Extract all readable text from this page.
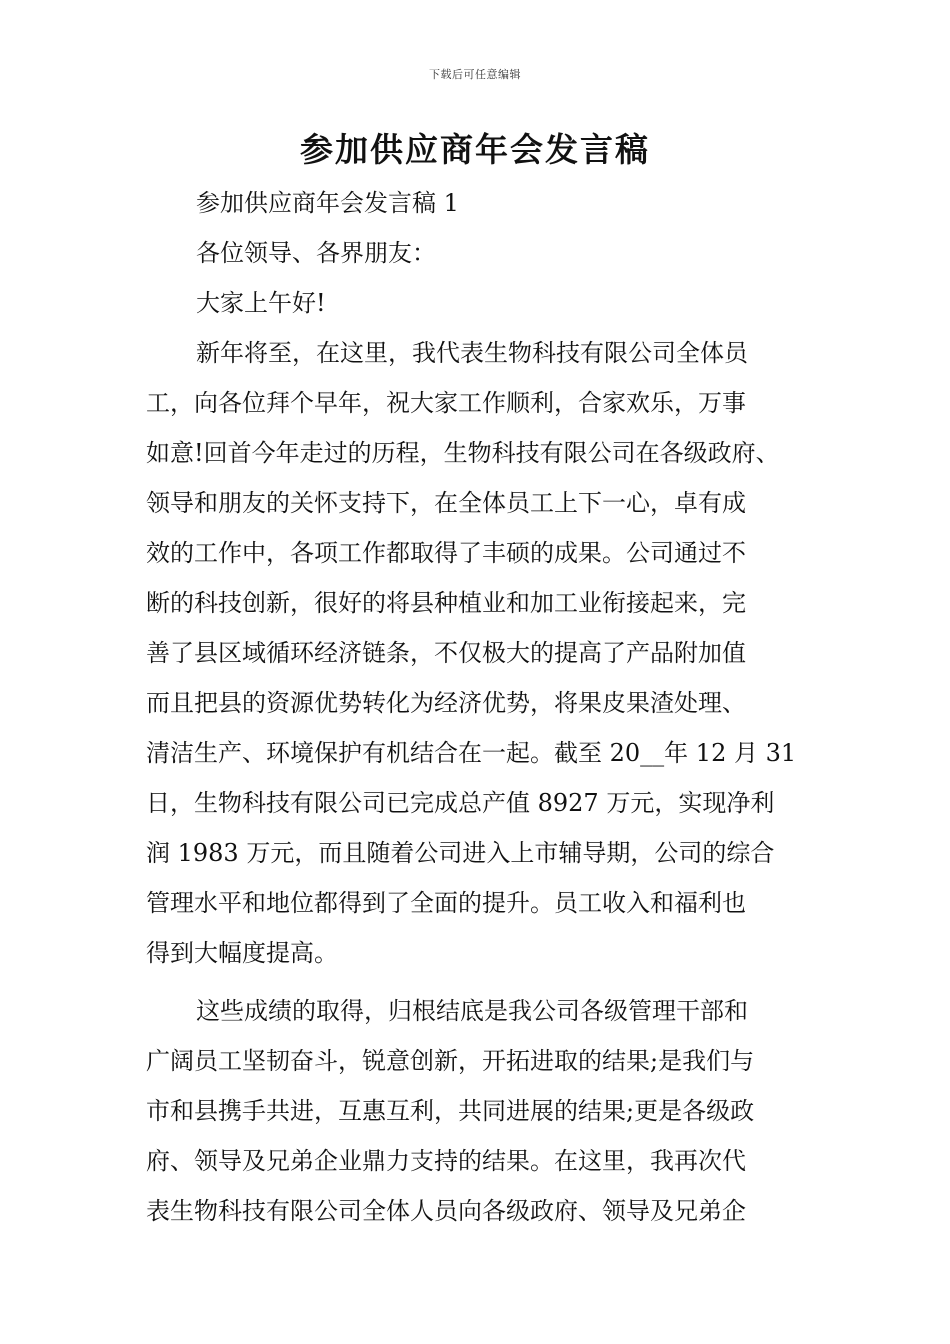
下载后可任意编辑
参加供应商年会发言稿
参加供应商年会发言稿 1
各位领导、各界朋友：
大家上午好!
新年将至，在这里，我代表生物科技有限公司全体员
工，向各位拜个早年，祝大家工作顺利，合家欢乐，万事
如意!回首今年走过的历程，生物科技有限公司在各级政府、
领导和朋友的关怀支持下，在全体员工上下一心，卓有成
效的工作中，各项工作都取得了丰硕的成果。公司通过不
断的科技创新，很好的将县种植业和加工业衔接起来，完
善了县区域循环经济链条，不仅极大的提高了产品附加值
而且把县的资源优势转化为经济优势，将果皮果渣处理、
清洁生产、环境保护有机结合在一起。截至 20__年 12 月 31
日，生物科技有限公司已完成总产值 8927 万元，实现净利
润 1983 万元，而且随着公司进入上市辅导期，公司的综合
管理水平和地位都得到了全面的提升。员工收入和福利也
得到大幅度提高。
这些成绩的取得，归根结底是我公司各级管理干部和
广阔员工坚韧奋斗，锐意创新，开拓进取的结果;是我们与
市和县携手共进，互惠互利，共同进展的结果;更是各级政
府、领导及兄弟企业鼎力支持的结果。在这里，我再次代
表生物科技有限公司全体人员向各级政府、领导及兄弟企
